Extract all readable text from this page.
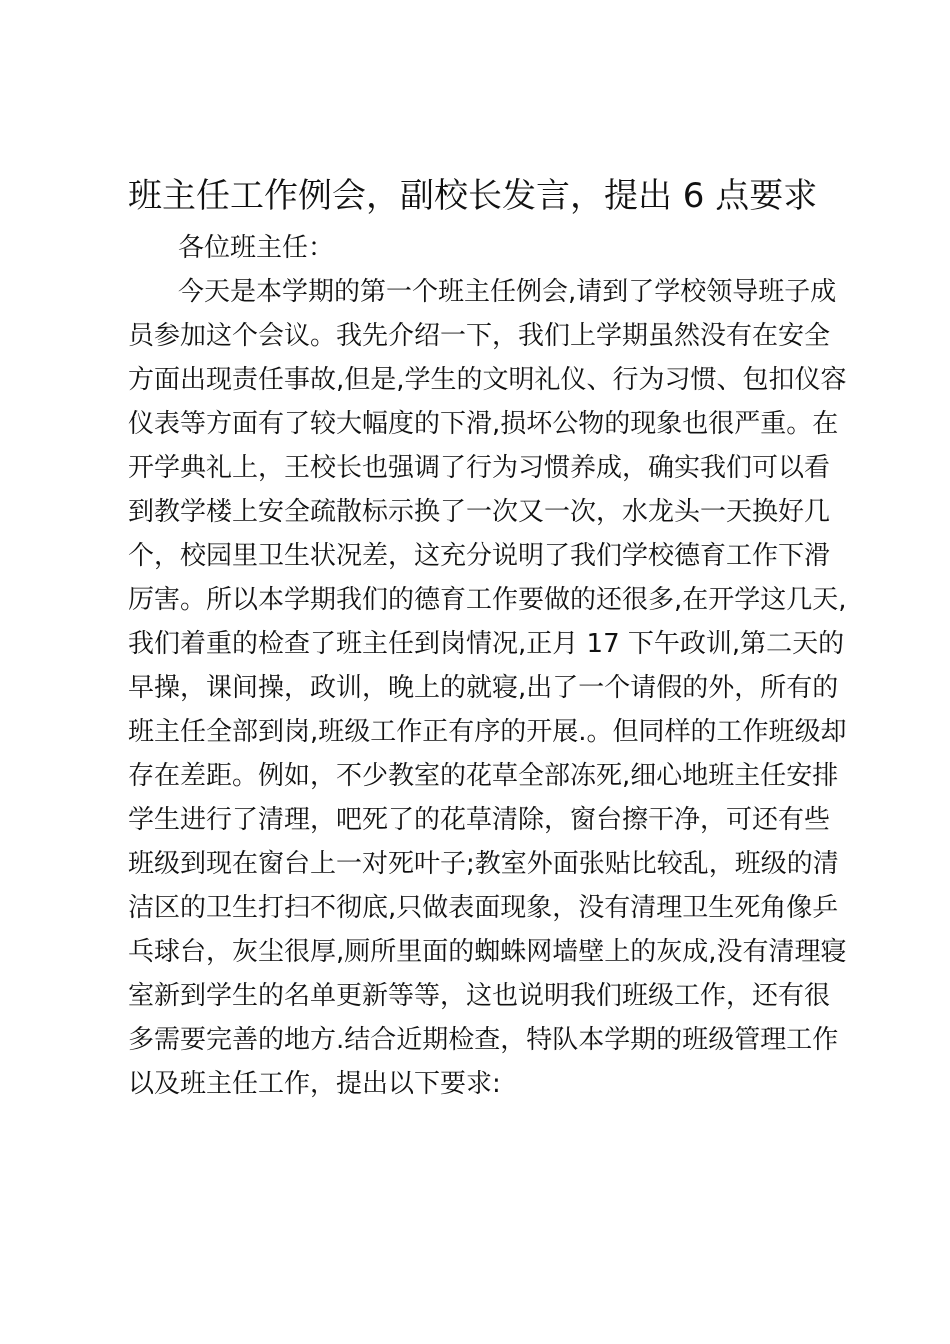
班主任工作例会，副校长发言，提出 6 点要求
各位班主任：
今天是本学期的第一个班主任例会,请到了学校领导班子成
员参加这个会议。我先介绍一下，我们上学期虽然没有在安全
方面出现责任事故,但是,学生的文明礼仪、行为习惯、包扣仪容
仪表等方面有了较大幅度的下滑,损坏公物的现象也很严重。在
开学典礼上，王校长也强调了行为习惯养成，确实我们可以看
到教学楼上安全疏散标示换了一次又一次，水龙头一天换好几
个，校园里卫生状况差，这充分说明了我们学校德育工作下滑
厉害。所以本学期我们的德育工作要做的还很多,在开学这几天,
我们着重的检查了班主任到岗情况,正月 17 下午政训,第二天的
早操，课间操，政训，晚上的就寝,出了一个请假的外，所有的
班主任全部到岗,班级工作正有序的开展.。但同样的工作班级却
存在差距。例如，不少教室的花草全部冻死,细心地班主任安排
学生进行了清理，吧死了的花草清除，窗台擦干净，可还有些
班级到现在窗台上一对死叶子;教室外面张贴比较乱，班级的清
洁区的卫生打扫不彻底,只做表面现象，没有清理卫生死角像乒
乓球台，灰尘很厚,厕所里面的蜘蛛网墙壁上的灰成,没有清理寝
室新到学生的名单更新等等，这也说明我们班级工作，还有很
多需要完善的地方.结合近期检查，特队本学期的班级管理工作
以及班主任工作，提出以下要求:
